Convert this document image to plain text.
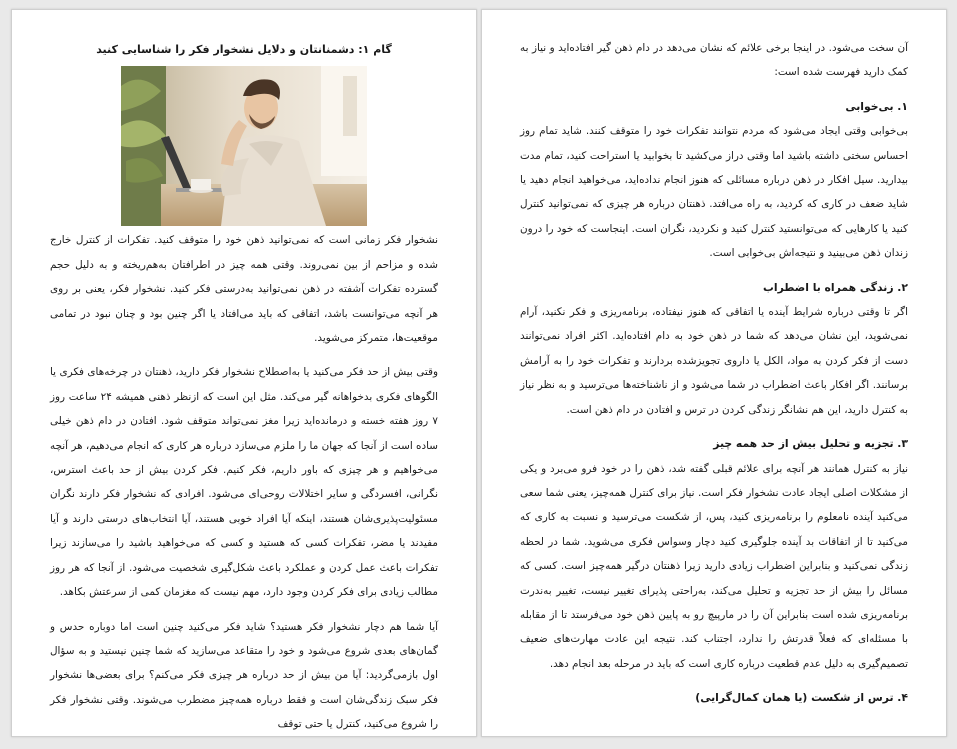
گام ۱: دشمنانتان و دلایل نشخوار فکر را شناسایی کنید

نشخوار فکر زمانی است که نمی‌توانید ذهن خود را متوقف کنید. تفکرات از کنترل خارج شده و مزاحم از بین نمی‌روند. وقتی همه چیز در اطرافتان به‌هم‌ریخته و به دلیل حجم گسترده تفکرات آشفته در ذهن نمی‌توانید به‌درستی فکر کنید. نشخوار فکر، یعنی بر روی هر آنچه می‌توانست باشد، اتفاقی که باید می‌افتاد یا اگر چنین بود و چنان نبود در تمامی موقعیت‌ها، متمرکز می‌شوید.

وقتی بیش از حد فکر می‌کنید یا به‌اصطلاح نشخوار فکر دارید، ذهنتان در چرخه‌های فکری یا الگوهای فکری بدخواهانه گیر می‌کند. مثل این است که ازنظر ذهنی همیشه ۲۴ ساعت روز ۷ روز هفته خسته و درمانده‌اید زیرا مغز نمی‌تواند متوقف شود. افتادن در دام ذهن خیلی ساده است از آنجا که جهان ما را ملزم می‌سازد درباره هر کاری که انجام می‌دهیم، هر آنچه می‌خواهیم و هر چیزی که باور داریم، فکر کنیم. فکر کردن بیش از حد باعث استرس، نگرانی، افسردگی و سایر اختلالات روحی‌ای می‌شود. افرادی که نشخوار فکر دارند نگران مسئولیت‌پذیری‌شان هستند، اینکه آیا افراد خوبی هستند، آیا انتخاب‌های درستی دارند و آیا مفیدند یا مضر، تفکرات کسی که هستید و کسی که می‌خواهید باشید را می‌سازند زیرا تفکرات باعث عمل کردن و عملکرد باعث شکل‌گیری شخصیت می‌شود. از آنجا که هر روز مطالب زیادی برای فکر کردن وجود دارد، مهم نیست که مغزمان کمی از سرعتش بکاهد.

آیا شما هم دچار نشخوار فکر هستید؟ شاید فکر می‌کنید چنین است اما دوباره حدس و گمان‌های بعدی شروع می‌شود و خود را متقاعد می‌سازید که شما چنین نیستید و به سؤال اول بازمی‌گردید: آیا من بیش از حد درباره هر چیزی فکر می‌کنم؟ برای بعضی‌ها نشخوار فکر سبک زندگی‌شان است و فقط درباره همه‌چیز مضطرب می‌شوند. وقتی نشخوار فکر را شروع می‌کنید، کنترل یا حتی توقف

آن سخت می‌شود. در اینجا برخی علائم که نشان می‌دهد در دام ذهن گیر افتاده‌اید و نیاز به کمک دارید فهرست شده است:

۱. بی‌خوابی

بی‌خوابی وقتی ایجاد می‌شود که مردم نتوانند تفکرات خود را متوقف کنند. شاید تمام روز احساس سختی داشته باشید اما وقتی دراز می‌کشید تا بخوابید یا استراحت کنید، تمام مدت بیدارید. سیل افکار در ذهن درباره مسائلی که هنوز انجام نداده‌اید، می‌خواهید انجام دهید یا شاید ضعف در کاری که کردید، به راه می‌افتد. ذهنتان درباره هر چیزی که نمی‌توانید کنترل کنید یا کارهایی که می‌توانستید کنترل کنید و نکردید، نگران است. اینجاست که خود را درون زندان ذهن می‌بینید و نتیجه‌اش بی‌خوابی است.

۲. زندگی همراه با اضطراب

اگر تا وقتی درباره شرایط آینده یا اتفاقی که هنوز نیفتاده، برنامه‌ریزی و فکر نکنید، آرام نمی‌شوید، این نشان می‌دهد که شما در ذهن خود به دام افتاده‌اید. اکثر افراد نمی‌توانند دست از فکر کردن به مواد، الکل یا داروی تجویزشده بردارند و تفکرات خود را به آرامش برسانند. اگر افکار باعث اضطراب در شما می‌شود و از ناشناخته‌ها می‌ترسید و به نظر نیاز به کنترل دارید، این هم نشانگر زندگی کردن در ترس و افتادن در دام ذهن است.

۳. تجزیه و تحلیل بیش از حد همه چیز

نیاز به کنترل همانند هر آنچه برای علائم قبلی گفته شد، ذهن را در خود فرو می‌برد و یکی از مشکلات اصلی ایجاد عادت نشخوار فکر است. نیاز برای کنترل همه‌چیز، یعنی شما سعی می‌کنید آینده نامعلوم را برنامه‌ریزی کنید، پس، از شکست می‌ترسید و نسبت به کاری که می‌کنید تا از اتفاقات بد آینده جلوگیری کنید دچار وسواس فکری می‌شوید. شما در لحظه زندگی نمی‌کنید و بنابراین اضطراب زیادی دارید زیرا ذهنتان درگیر همه‌چیز است. کسی که مسائل را بیش از حد تجزیه و تحلیل می‌کند، به‌راحتی پذیرای تغییر نیست، تغییر به‌ندرت برنامه‌ریزی شده است بنابراین آن را در مارپیچ رو به پایین ذهن خود می‌فرستد تا از مقابله با مسئله‌ای که فعلاً قدرتش را ندارد، اجتناب کند. نتیجه این عادت مهارت‌های ضعیف تصمیم‌گیری به دلیل عدم قطعیت درباره کاری است که باید در مرحله بعد انجام دهد.

۴. ترس از شکست (یا همان کمال‌گرایی)
